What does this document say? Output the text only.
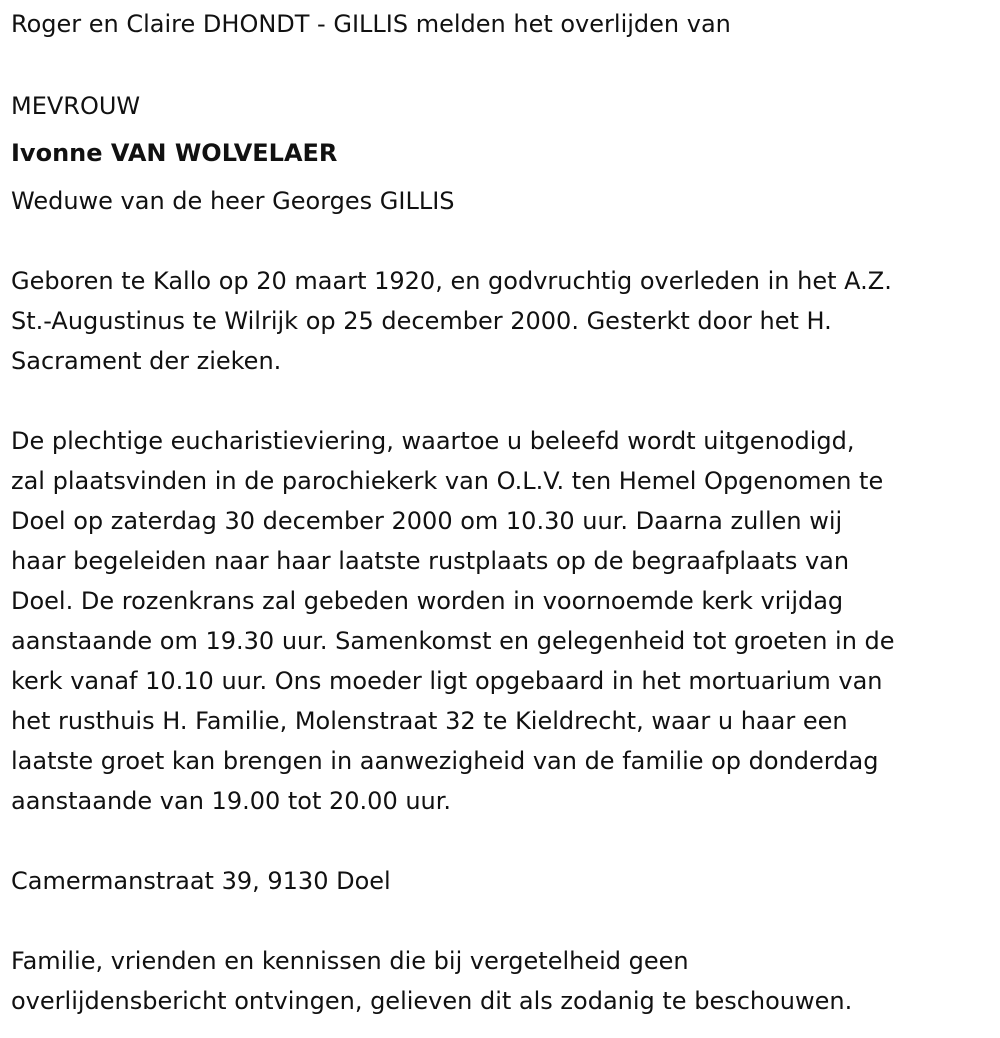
Roger en Claire DHONDT - GILLIS melden het overlijden van

MEVROUW

Ivonne VAN WOLVELAER

Weduwe van de heer Georges GILLIS

Geboren te Kallo op 20 maart 1920, en godvruchtig overleden in het A.Z.
St.-Augustinus te Wilrijk op 25 december 2000. Gesterkt door het H.
Sacrament der zieken.
De plechtige eucharistieviering, waartoe u beleefd wordt uitgenodigd,
zal plaatsvinden in de parochiekerk van O.L.V. ten Hemel Opgenomen te
Doel op zaterdag 30 december 2000 om 10.30 uur. Daarna zullen wij
haar begeleiden naar haar laatste rustplaats op de begraafplaats van
Doel. De rozenkrans zal gebeden worden in voornoemde kerk vrijdag
aanstaande om 19.30 uur. Samenkomst en gelegenheid tot groeten in de
kerk vanaf 10.10 uur. Ons moeder ligt opgebaard in het mortuarium van
het rusthuis H. Familie, Molenstraat 32 te Kieldrecht, waar u haar een
laatste groet kan brengen in aanwezigheid van de familie op donderdag
aanstaande van 19.00 tot 20.00 uur.

Camermanstraat 39, 9130 Doel

Familie, vrienden en kennissen die bij vergetelheid geen
overlijdensbericht ontvingen, gelieven dit als zodanig te beschouwen.
